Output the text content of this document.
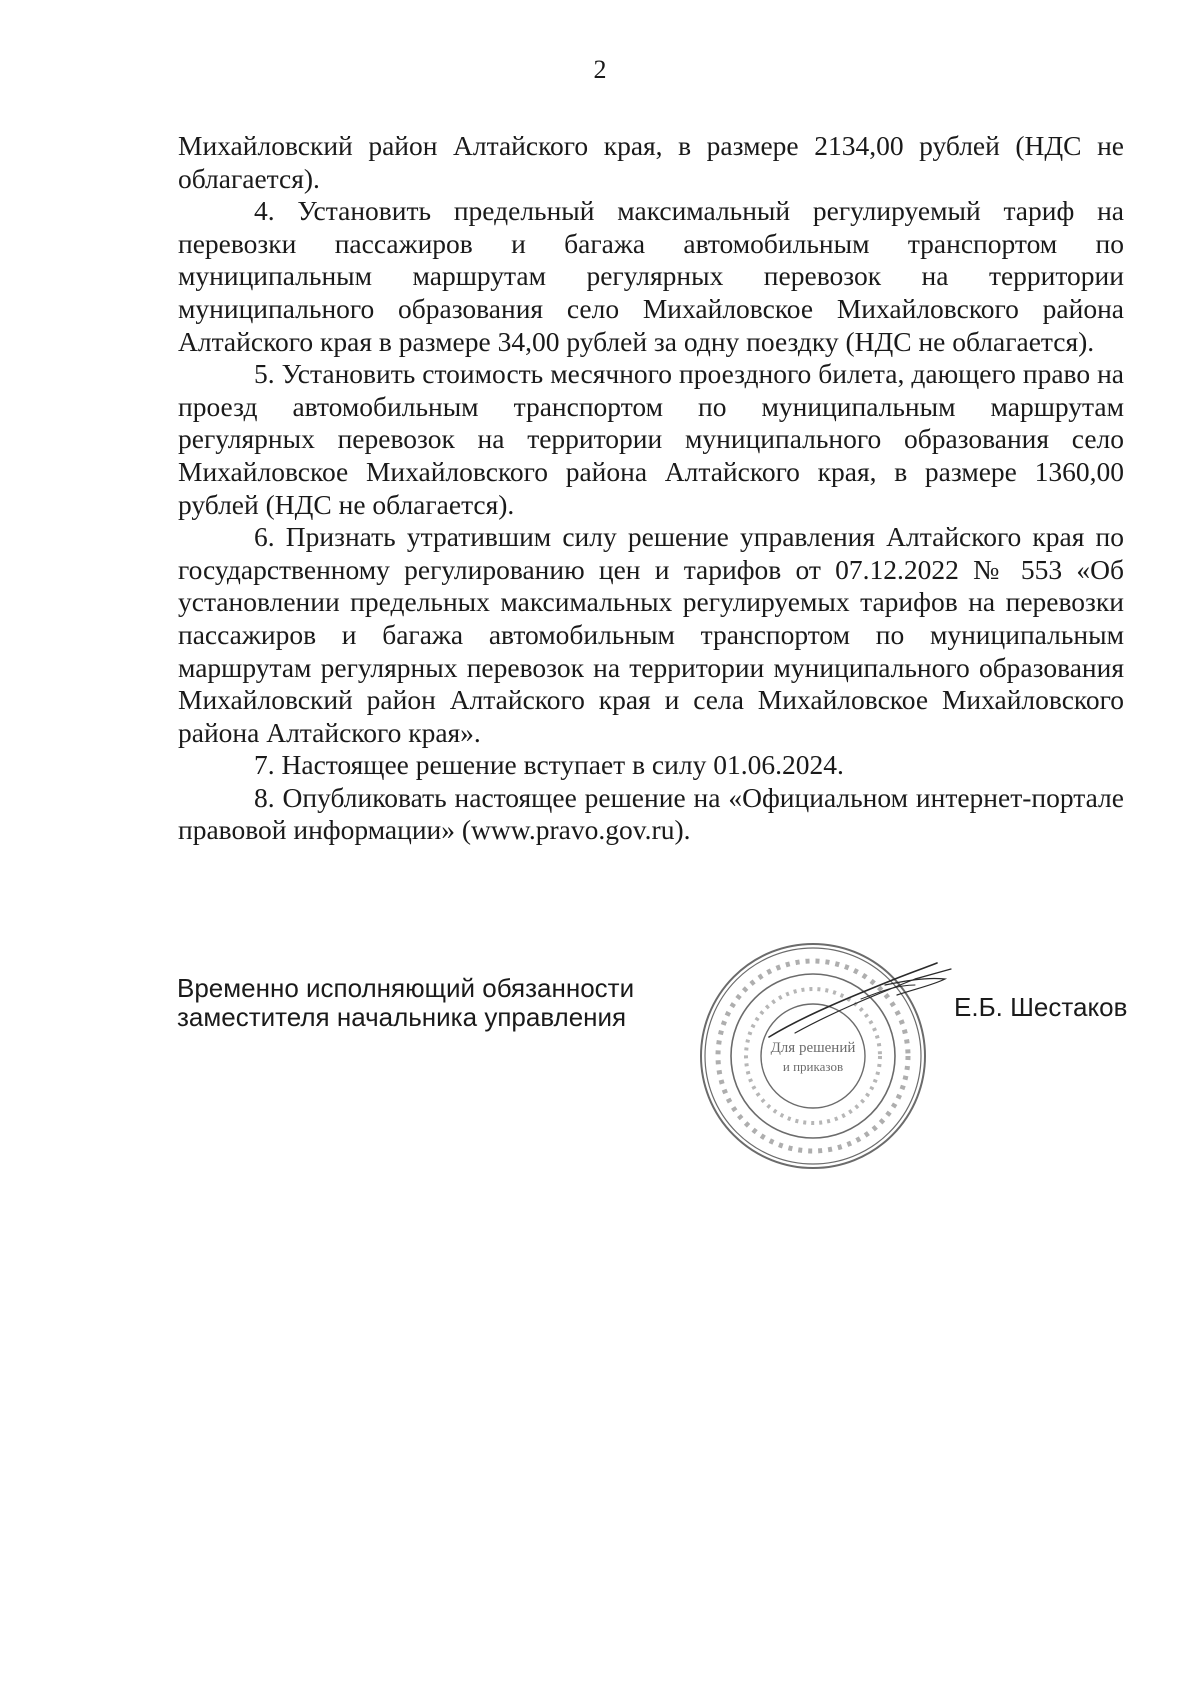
2

Михайловский район Алтайского края, в размере 2134,00 рублей (НДС не облагается).

4. Установить предельный максимальный регулируемый тариф на перевозки пассажиров и багажа автомобильным транспортом по муниципальным маршрутам регулярных перевозок на территории муниципального образования село Михайловское Михайловского района Алтайского края в размере 34,00 рублей за одну поездку (НДС не облагается).

5. Установить стоимость месячного проездного билета, дающего право на проезд автомобильным транспортом по муниципальным маршрутам регулярных перевозок на территории муниципального образования село Михайловское Михайловского района Алтайского края, в размере 1360,00 рублей (НДС не облагается).

6. Признать утратившим силу решение управления Алтайского края по государственному регулированию цен и тарифов от 07.12.2022 № 553 «Об установлении предельных максимальных регулируемых тарифов на перевозки пассажиров и багажа автомобильным транспортом по муниципальным маршрутам регулярных перевозок на территории муниципального образования Михайловский район Алтайского края и села Михайловское Михайловского района Алтайского края».

7. Настоящее решение вступает в силу 01.06.2024.

8. Опубликовать настоящее решение на «Официальном интернет-портале правовой информации» (www.pravo.gov.ru).

Временно исполняющий обязанности
заместителя начальника управления
Для решений
и приказов
Е.Б. Шестаков
